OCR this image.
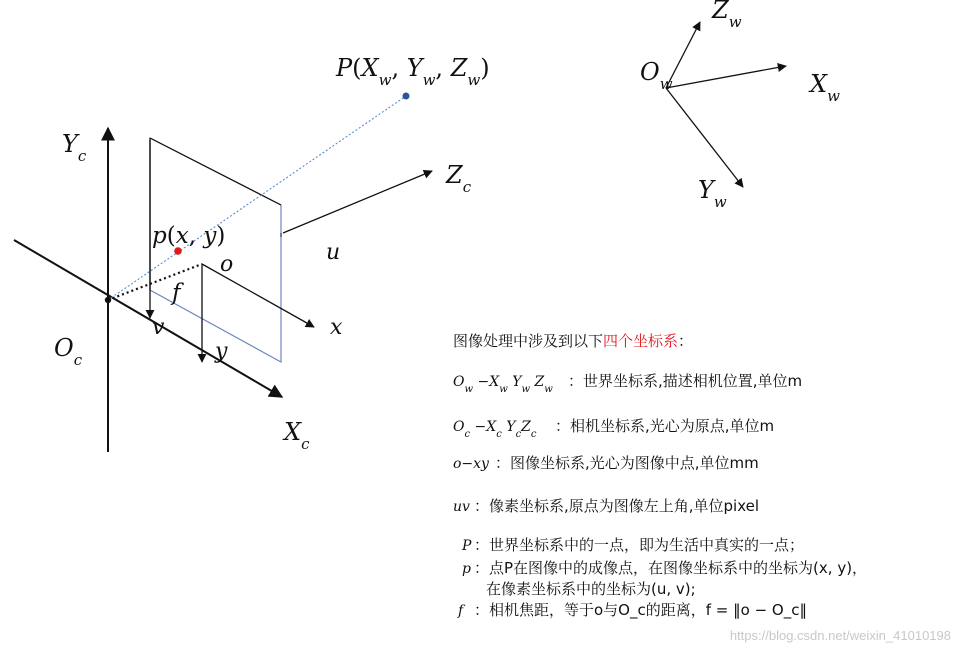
$P(X_w$, $Y_w$, $Z_w$)
$Y_c$
$Z_c$
$X_c$
$O_c$
p(x, y)
f
o	u
v	x
y
$O_w$
$Z_w$
$X_w$
$Y_w$
图像处理中涉及到以下四个坐标系：
$O_w -X_w$ $Y_w$ $Z_w$ ：世界坐标系,描述相机位置,单位m
$O_c -X_c$ $Y_cZ_c$ ：相机坐标系,光心为原点,单位m
o−xy ：图像坐标系,光心为图像中点,单位mm
uv ：像素坐标系,原点为图像左上角,单位pixel
P ：世界坐标系中的一点，即为生活中真实的一点；
p ：点P在图像中的成像点，在图像坐标系中的坐标为(x, y)，
在像素坐标系中的坐标为(u, v);
f ：相机焦距，等于o与O_c的距离，f = ‖o − O_c‖
https://blog.csdn.net/weixin_41010198
